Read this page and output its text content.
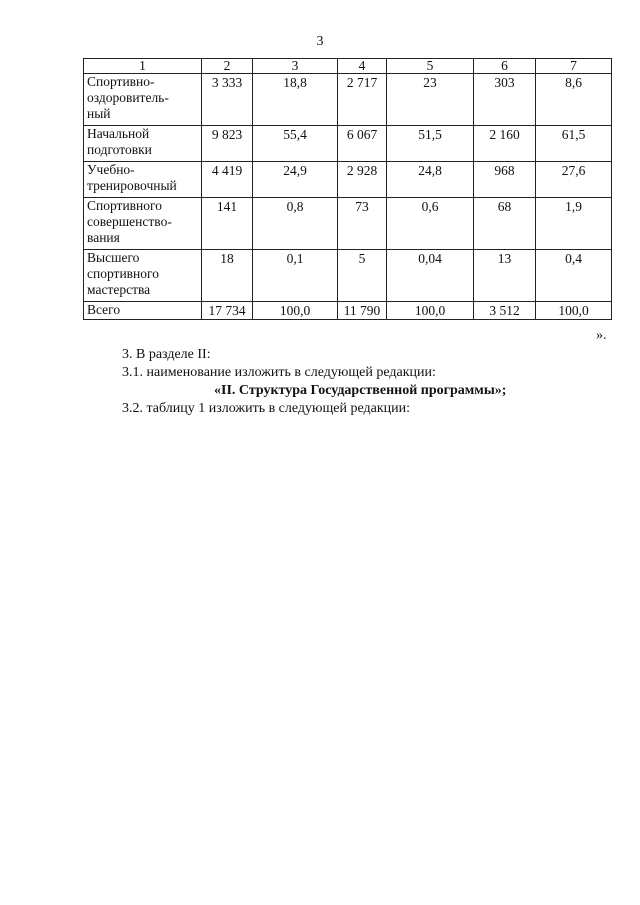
3
1	2	3	4	5	6	7
Спортивно-
оздоровитель-
ный	3 333	18,8	2 717	23	303	8,6
Начальной
подготовки	9 823	55,4	6 067	51,5	2 160	61,5
Учебно-
тренировочный	4 419	24,9	2 928	24,8	968	27,6
Спортивного
совершенство-
вания	141	0,8	73	0,6	68	1,9
Высшего
спортивного
мастерства	18	0,1	5	0,04	13	0,4
Всего	17 734	100,0	11 790	100,0	3 512	100,0
».
3. В разделе II:
3.1. наименование изложить в следующей редакции:
«II. Структура Государственной программы»;
3.2. таблицу 1 изложить в следующей редакции:
